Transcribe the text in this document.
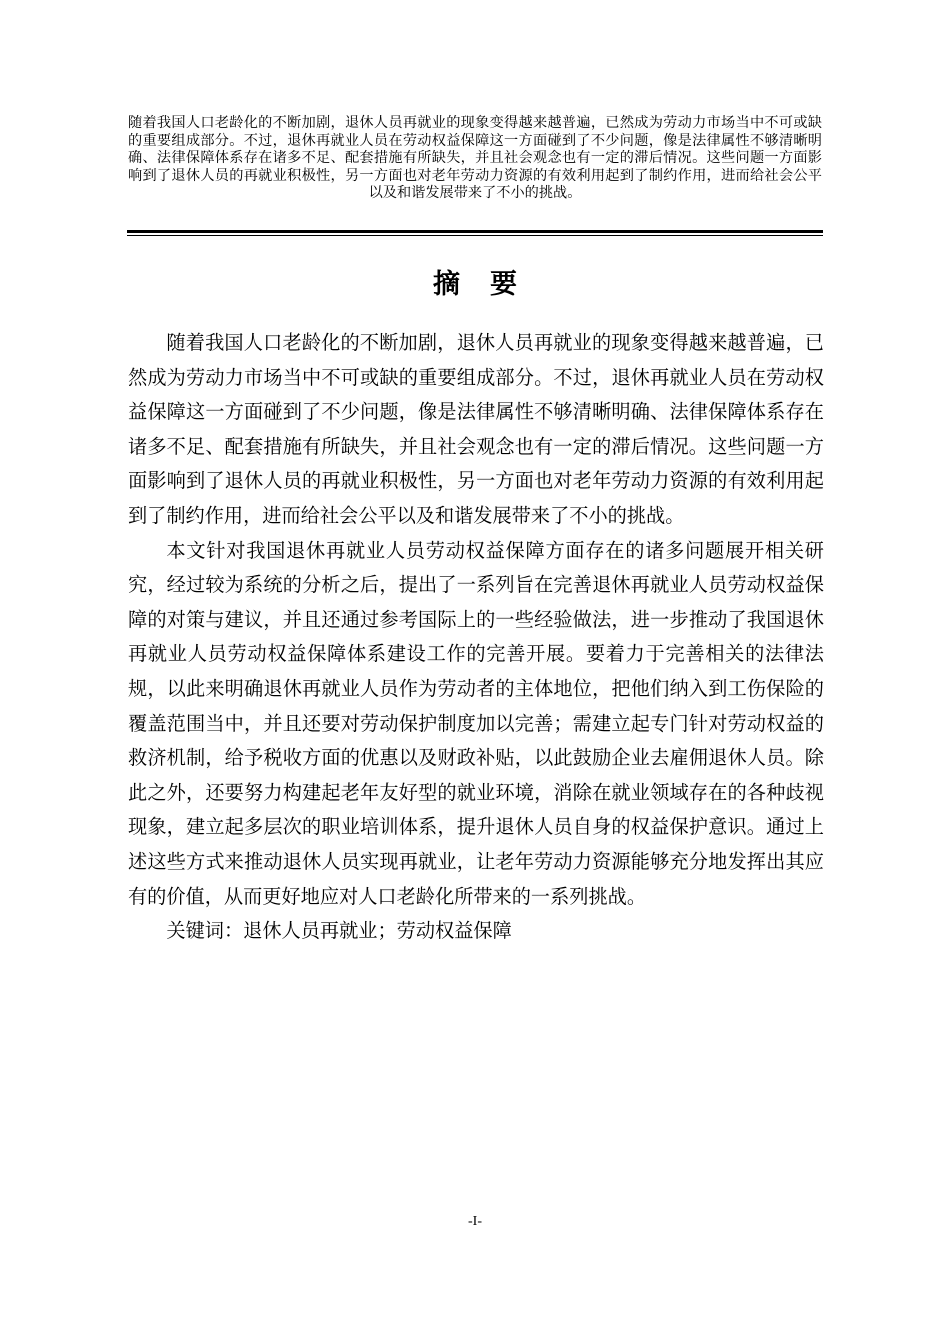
随着我国人口老龄化的不断加剧，退休人员再就业的现象变得越来越普遍，已然成为劳动力市场当中不可或缺的重要组成部分。不过，退休再就业人员在劳动权益保障这一方面碰到了不少问题，像是法律属性不够清晰明确、法律保障体系存在诸多不足、配套措施有所缺失，并且社会观念也有一定的滞后情况。这些问题一方面影响到了退休人员的再就业积极性，另一方面也对老年劳动力资源的有效利用起到了制约作用，进而给社会公平以及和谐发展带来了不小的挑战。
摘要

随着我国人口老龄化的不断加剧，退休人员再就业的现象变得越来越普遍，已然成为劳动力市场当中不可或缺的重要组成部分。不过，退休再就业人员在劳动权益保障这一方面碰到了不少问题，像是法律属性不够清晰明确、法律保障体系存在诸多不足、配套措施有所缺失，并且社会观念也有一定的滞后情况。这些问题一方面影响到了退休人员的再就业积极性，另一方面也对老年劳动力资源的有效利用起到了制约作用，进而给社会公平以及和谐发展带来了不小的挑战。

本文针对我国退休再就业人员劳动权益保障方面存在的诸多问题展开相关研究，经过较为系统的分析之后，提出了一系列旨在完善退休再就业人员劳动权益保障的对策与建议，并且还通过参考国际上的一些经验做法，进一步推动了我国退休再就业人员劳动权益保障体系建设工作的完善开展。要着力于完善相关的法律法规，以此来明确退休再就业人员作为劳动者的主体地位，把他们纳入到工伤保险的覆盖范围当中，并且还要对劳动保护制度加以完善；需建立起专门针对劳动权益的救济机制，给予税收方面的优惠以及财政补贴，以此鼓励企业去雇佣退休人员。除此之外，还要努力构建起老年友好型的就业环境，消除在就业领域存在的各种歧视现象，建立起多层次的职业培训体系，提升退休人员自身的权益保护意识。通过上述这些方式来推动退休人员实现再就业，让老年劳动力资源能够充分地发挥出其应有的价值，从而更好地应对人口老龄化所带来的一系列挑战。

关键词：退休人员再就业；劳动权益保障

-I-
